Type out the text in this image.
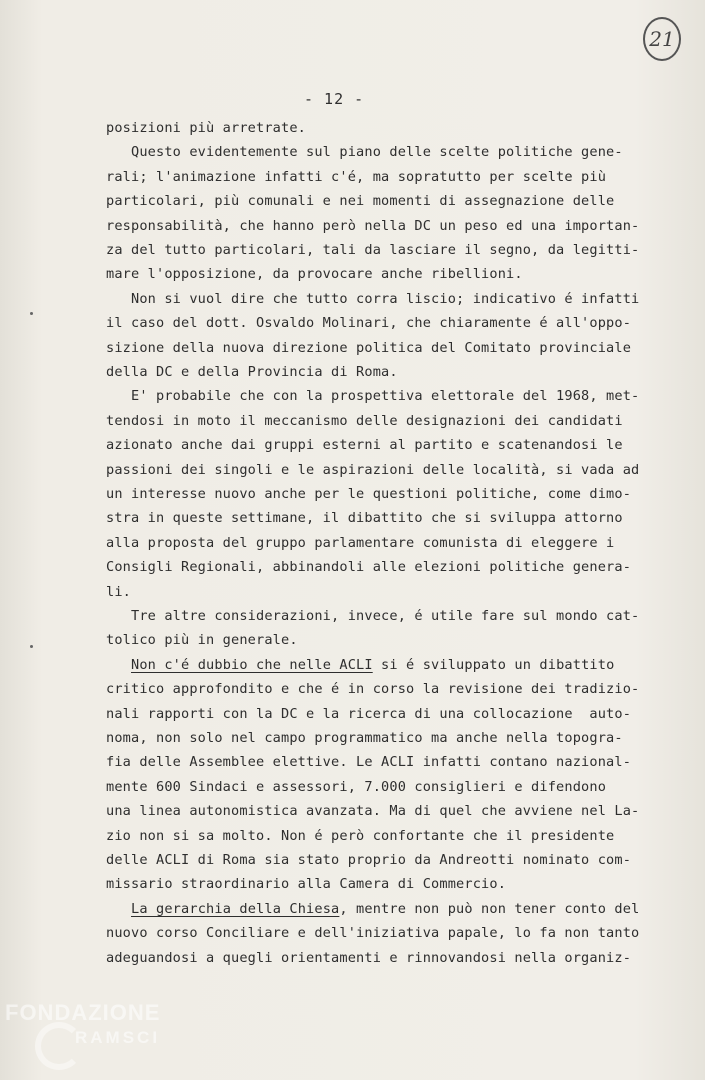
21
- 12 -
posizioni più arretrate.
Questo evidentemente sul piano delle scelte politiche gene-
rali; l'animazione infatti c'é, ma sopratutto per scelte più
particolari, più comunali e nei momenti di assegnazione delle
responsabilità, che hanno però nella DC un peso ed una importan-
za del tutto particolari, tali da lasciare il segno, da legitti-
mare l'opposizione, da provocare anche ribellioni.
Non si vuol dire che tutto corra liscio; indicativo é infatti
il caso del dott. Osvaldo Molinari, che chiaramente é all'oppo-
sizione della nuova direzione politica del Comitato provinciale
della DC e della Provincia di Roma.
E' probabile che con la prospettiva elettorale del 1968, met-
tendosi in moto il meccanismo delle designazioni dei candidati
azionato anche dai gruppi esterni al partito e scatenandosi le
passioni dei singoli e le aspirazioni delle località, si vada ad
un interesse nuovo anche per le questioni politiche, come dimo-
stra in queste settimane, il dibattito che si sviluppa attorno
alla proposta del gruppo parlamentare comunista di eleggere i
Consigli Regionali, abbinandoli alle elezioni politiche genera-
li.
Tre altre considerazioni, invece, é utile fare sul mondo cat-
tolico più in generale.
Non c'é dubbio che nelle ACLI si é sviluppato un dibattito
critico approfondito e che é in corso la revisione dei tradizio-
nali rapporti con la DC e la ricerca di una collocazione  auto-
noma, non solo nel campo programmatico ma anche nella topogra-
fia delle Assemblee elettive. Le ACLI infatti contano nazional-
mente 600 Sindaci e assessori, 7.000 consiglieri e difendono
una linea autonomistica avanzata. Ma di quel che avviene nel La-
zio non si sa molto. Non é però confortante che il presidente
delle ACLI di Roma sia stato proprio da Andreotti nominato com-
missario straordinario alla Camera di Commercio.
La gerarchia della Chiesa, mentre non può non tener conto del
nuovo corso Conciliare e dell'iniziativa papale, lo fa non tanto
adeguandosi a quegli orientamenti e rinnovandosi nella organiz-
FONDAZIONE
RAMSCI
